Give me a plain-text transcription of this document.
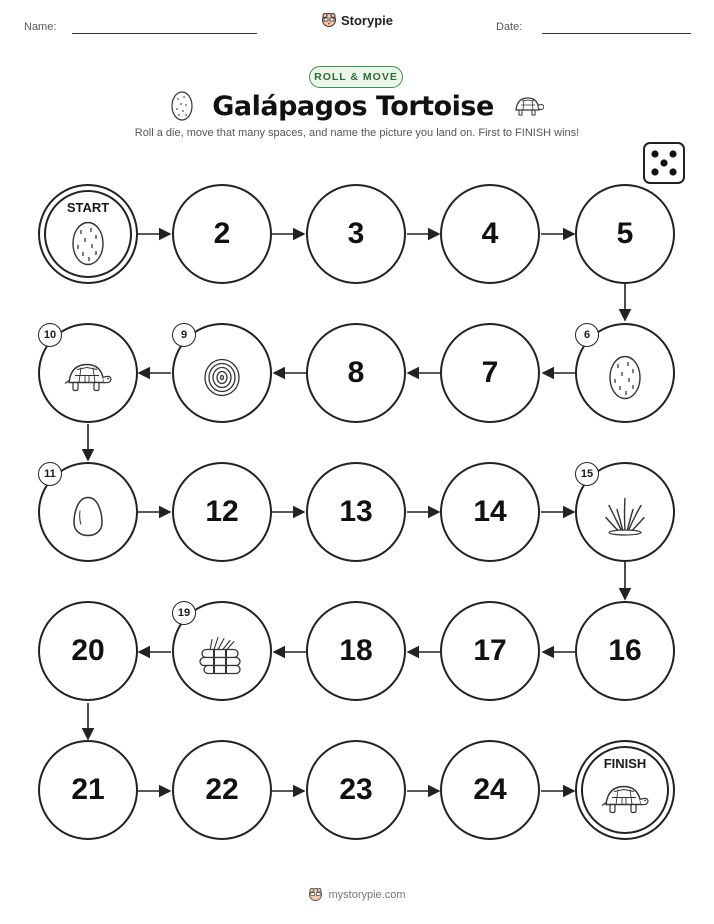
Name:	Storypie	Date:
ROLL & MOVE
Galápagos Tortoise
Roll a die, move that many spaces, and name the picture you land on. First to FINISH wins!
START
2	3	4	5
10	9
8	7
6
11
12	13	14
15
20
19
18	17	16
21	22	23	24
FINISH
mystorypie.com
